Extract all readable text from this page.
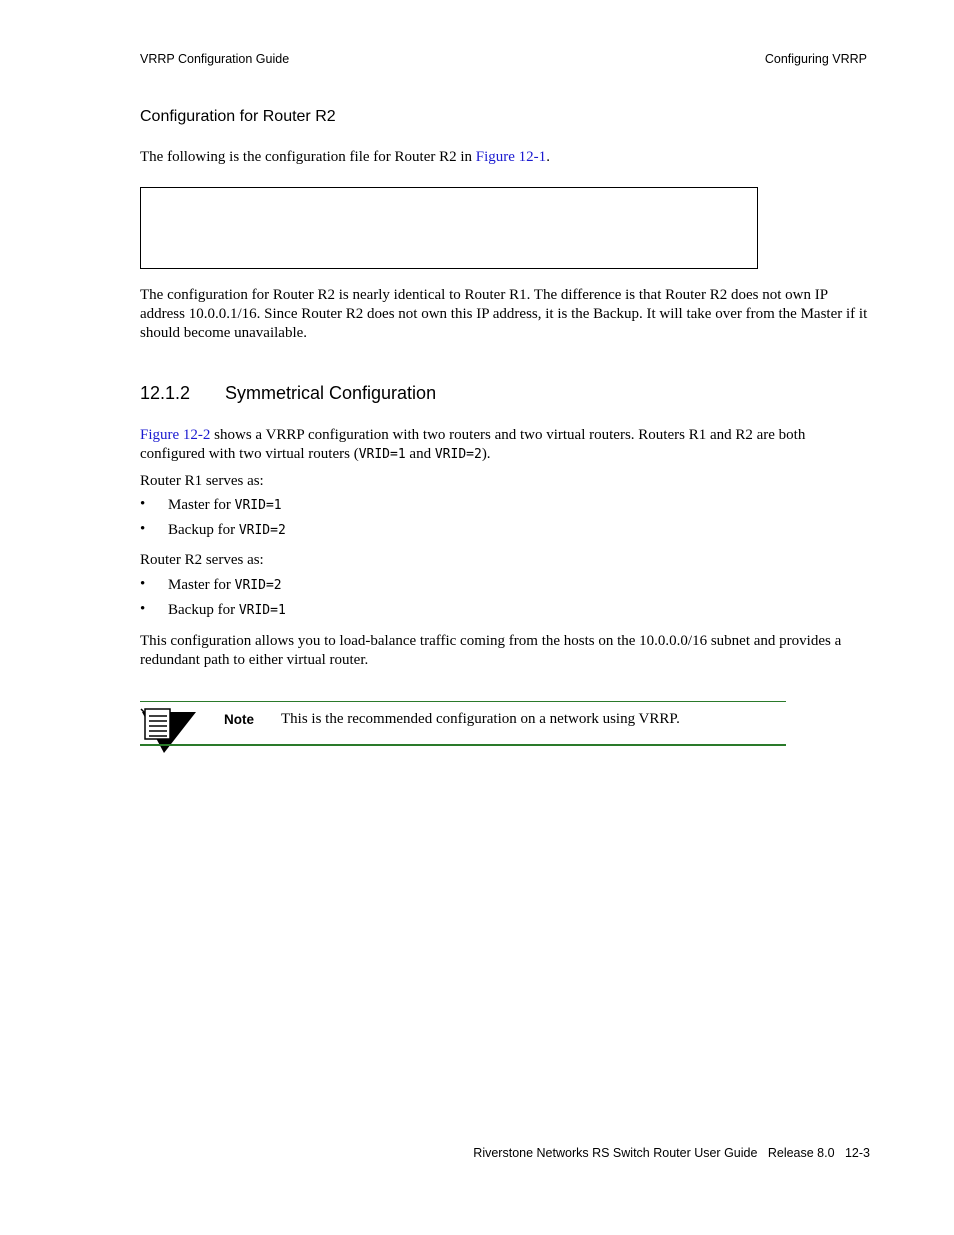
VRRP Configuration Guide	Configuring VRRP
Configuration for Router R2
The following is the configuration file for Router R2 in Figure 12-1.
The configuration for Router R2 is nearly identical to Router R1. The difference is that Router R2 does not own IP address 10.0.0.1/16. Since Router R2 does not own this IP address, it is the Backup. It will take over from the Master if it should become unavailable.
12.1.2 Symmetrical Configuration
Figure 12-2 shows a VRRP configuration with two routers and two virtual routers. Routers R1 and R2 are both configured with two virtual routers (VRID=1 and VRID=2).
Router R1 serves as:
• Master for VRID=1
• Backup for VRID=2
Router R2 serves as:
• Master for VRID=2
• Backup for VRID=1
This configuration allows you to load-balance traffic coming from the hosts on the 10.0.0.0/16 subnet and provides a redundant path to either virtual router.
Note This is the recommended configuration on a network using VRRP.
Riverstone Networks RS Switch Router User Guide   Release 8.0   12-3
